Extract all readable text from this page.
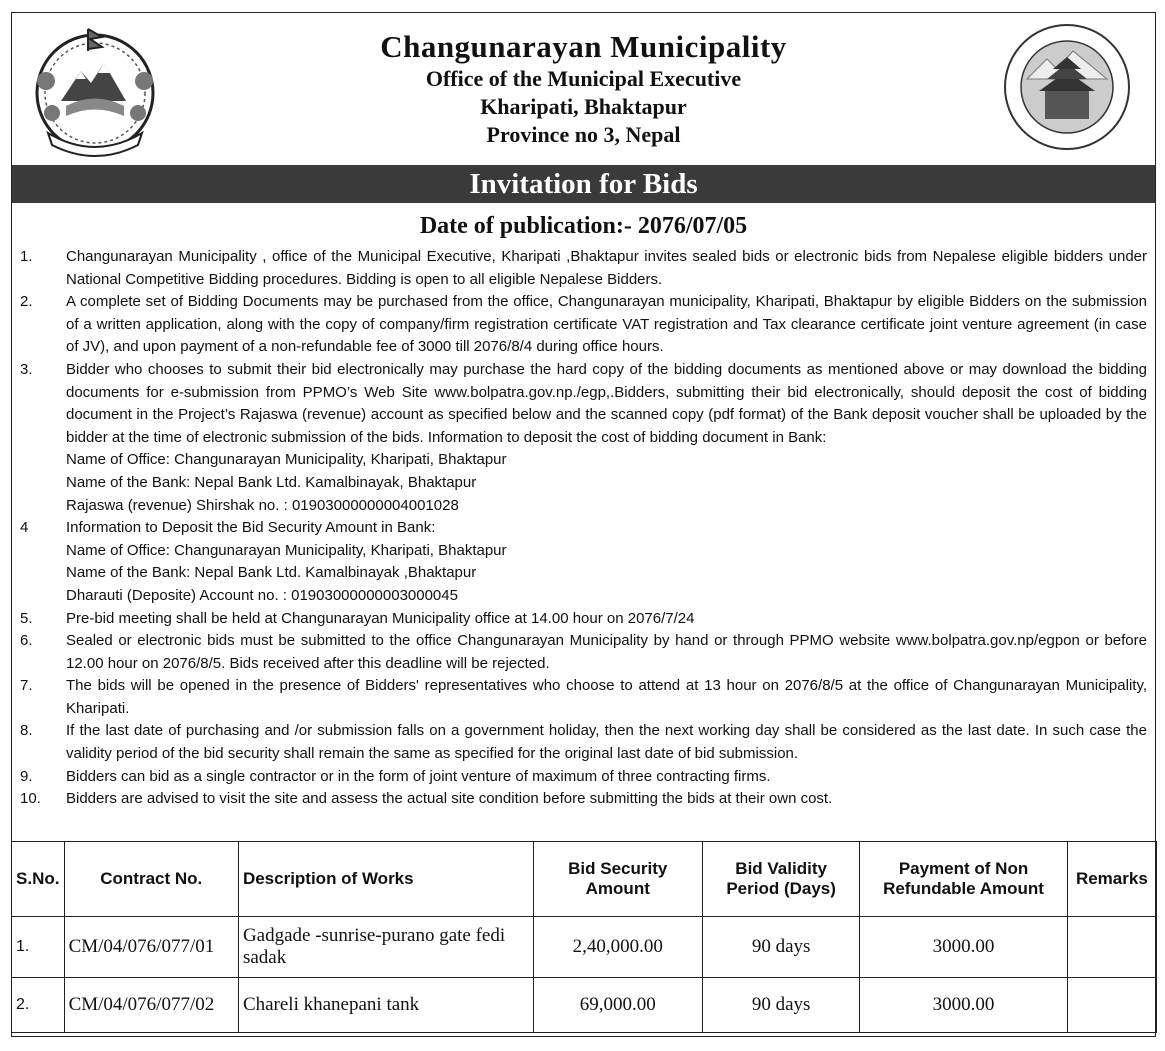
Changunarayan Municipality
Office of the Municipal Executive
Kharipati, Bhaktapur
Province no 3, Nepal
Invitation for Bids
Date of publication:- 2076/07/05
1.	Changunarayan Municipality , office of the Municipal Executive, Kharipati ,Bhaktapur invites sealed bids or electronic bids from Nepalese eligible bidders under National Competitive Bidding procedures. Bidding is open to all eligible Nepalese Bidders.
2.	A complete set of Bidding Documents may be purchased from the office, Changunarayan municipality, Kharipati, Bhaktapur by eligible Bidders on the submission of a written application, along with the copy of company/firm registration certificate VAT registration and Tax clearance certificate joint venture agreement (in case of JV), and upon payment of a non-refundable fee of 3000 till 2076/8/4 during office hours.
3.	Bidder who chooses to submit their bid electronically may purchase the hard copy of the bidding documents as mentioned above or may download the bidding documents for e-submission from PPMO’s Web Site www.bolpatra.gov.np./egp,.Bidders, submitting their bid electronically, should deposit the cost of bidding document in the Project’s Rajaswa (revenue) account as specified below and the scanned copy (pdf format) of the Bank deposit voucher shall be uploaded by the bidder at the time of electronic submission of the bids. Information to deposit the cost of bidding document in Bank:
Name of Office: Changunarayan Municipality, Kharipati, Bhaktapur
Name of the Bank: Nepal Bank Ltd. Kamalbinayak, Bhaktapur
Rajaswa (revenue) Shirshak no. : 01903000000004001028
4	Information to Deposit the Bid Security Amount in Bank:
Name of Office: Changunarayan Municipality, Kharipati, Bhaktapur
Name of the Bank: Nepal Bank Ltd. Kamalbinayak ,Bhaktapur
Dharauti (Deposite) Account no. : 01903000000003000045
5.	Pre-bid meeting shall be held at Changunarayan Municipality office at 14.00 hour on 2076/7/24
6.	Sealed or electronic bids must be submitted to the office Changunarayan Municipality by hand or through PPMO website www.bolpatra.gov.np/egpon or before 12.00 hour on 2076/8/5. Bids received after this deadline will be rejected.
7.	The bids will be opened in the presence of Bidders' representatives who choose to attend at 13 hour on 2076/8/5 at the office of Changunarayan Municipality, Kharipati.
8.	If the last date of purchasing and /or submission falls on a government holiday, then the next working day shall be considered as the last date. In such case the validity period of the bid security shall remain the same as specified for the original last date of bid submission.
9.	Bidders can bid as a single contractor or in the form of joint venture of maximum of three contracting firms.
10.	Bidders are advised to visit the site and assess the actual site condition before submitting the bids at their own cost.
S.No.	Contract No.	Description of Works	Bid Security Amount	Bid Validity Period (Days)	Payment of Non Refundable Amount	Remarks
1.	CM/04/076/077/01	Gadgade -sunrise-purano gate fedi sadak	2,40,000.00	90 days	3000.00	
2.	CM/04/076/077/02	Chareli khanepani tank	69,000.00	90 days	3000.00	
